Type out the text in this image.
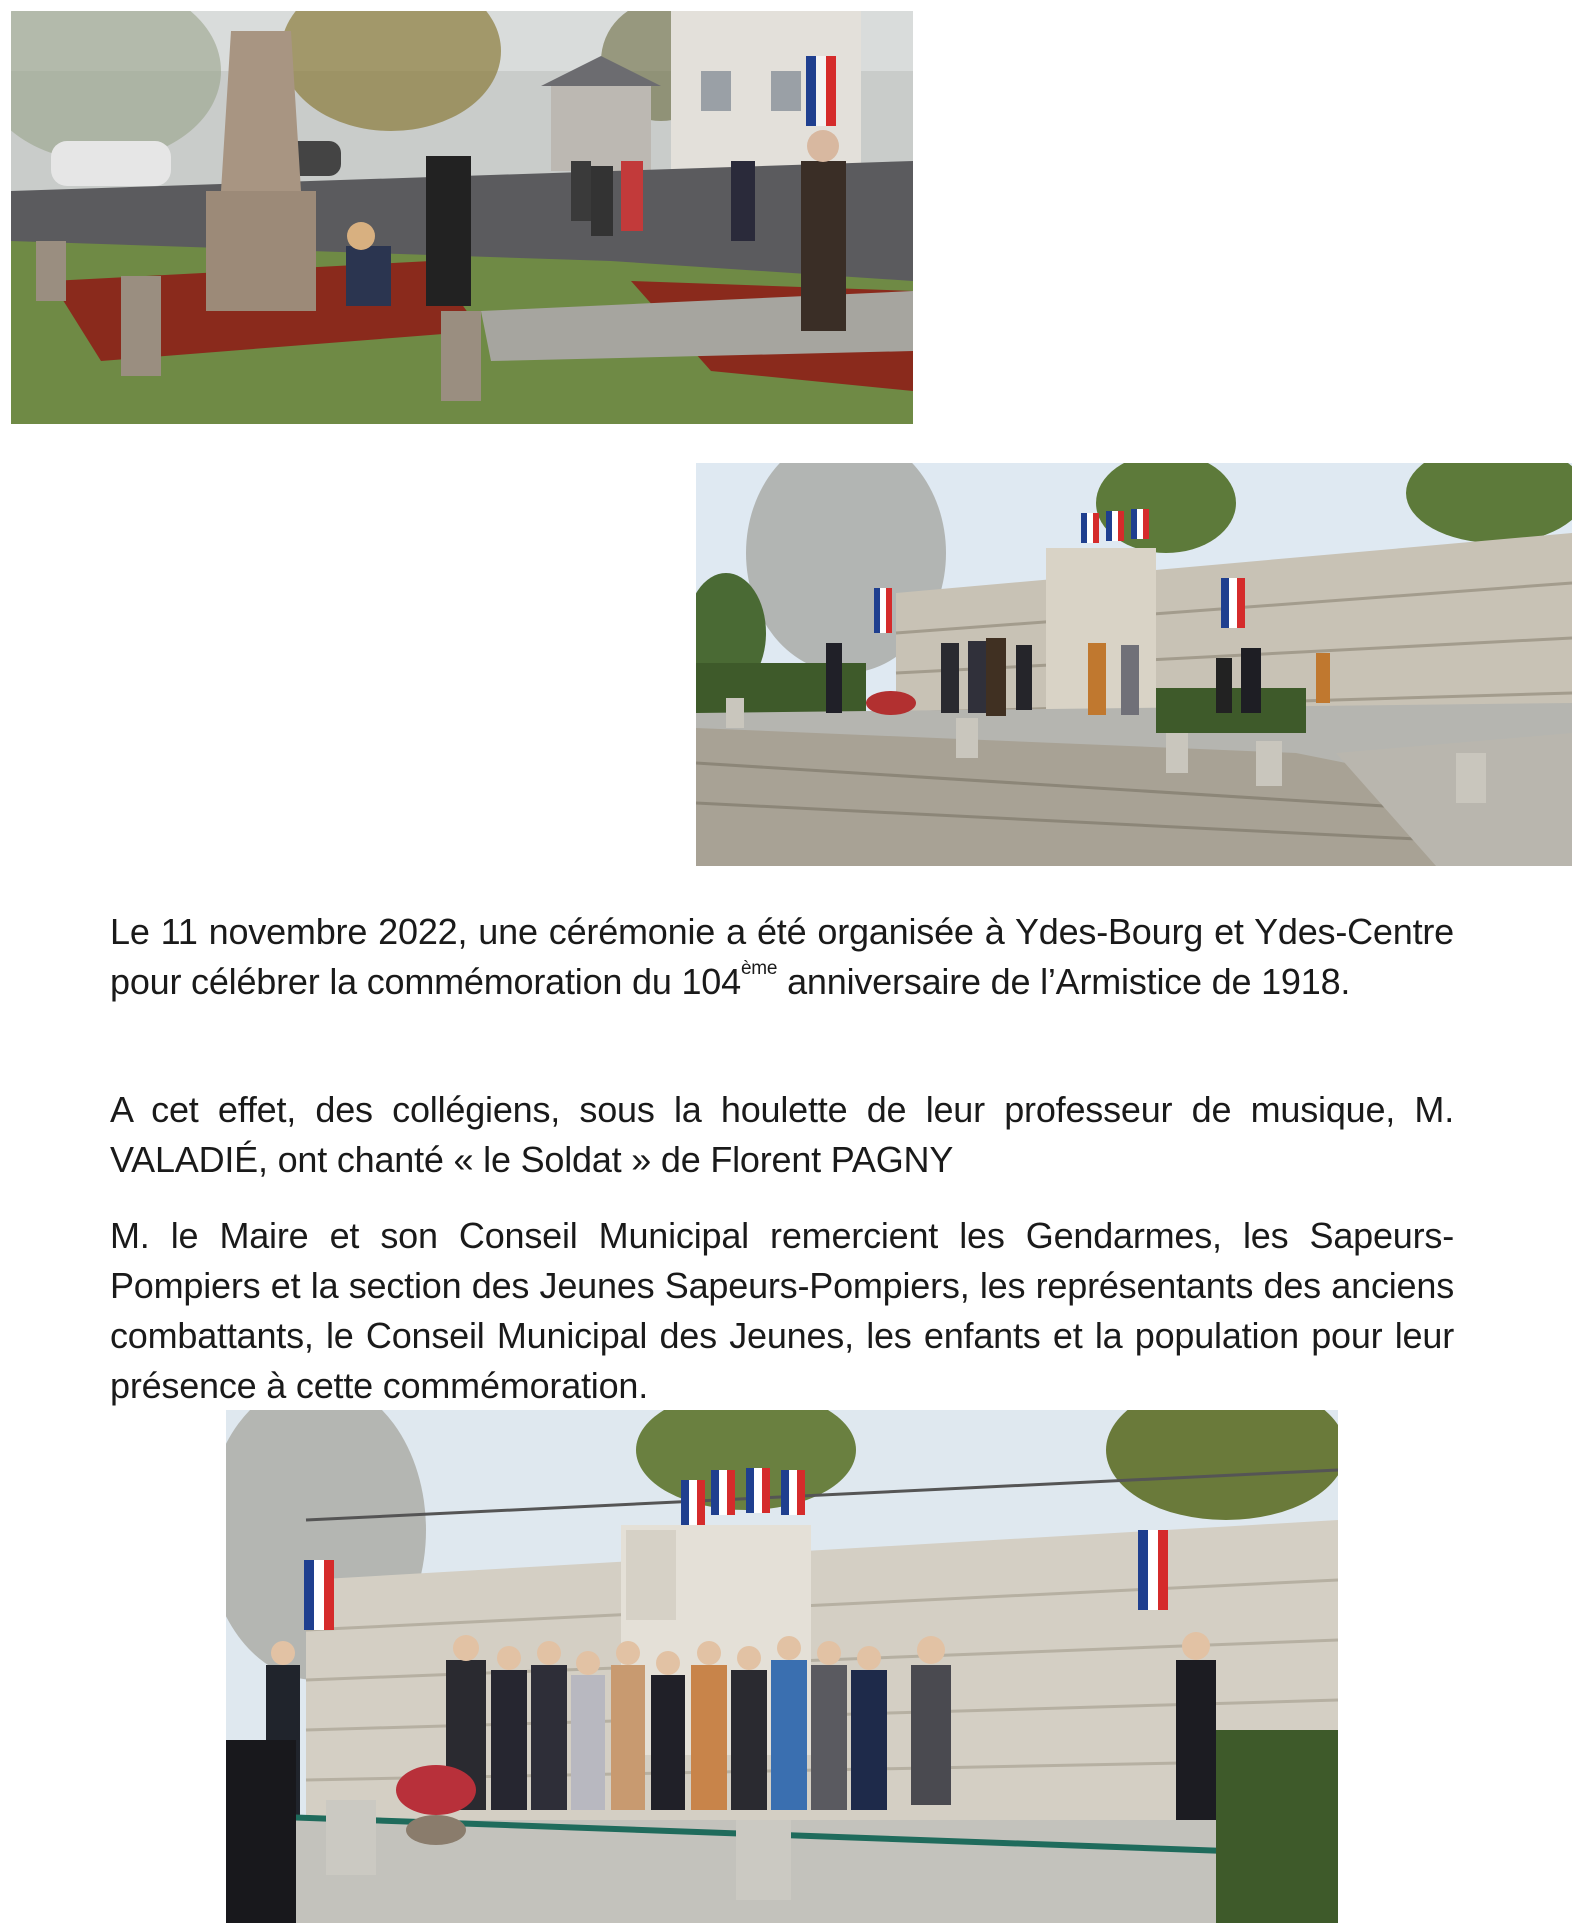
Le 11 novembre 2022, une cérémonie a été organisée à Ydes-Bourg et Ydes-Centre pour célébrer la commémoration du 104ème anniversaire de l’Armistice de 1918.

A cet effet, des collégiens, sous la houlette de leur professeur de musique, M. VALADIÉ, ont chanté « le Soldat » de Florent PAGNY

M. le Maire et son Conseil Municipal remercient les Gendarmes, les Sapeurs-Pompiers et la section des Jeunes Sapeurs-Pompiers, les représentants des anciens combattants, le Conseil Municipal des Jeunes, les enfants et la population pour leur présence à cette commémoration.
